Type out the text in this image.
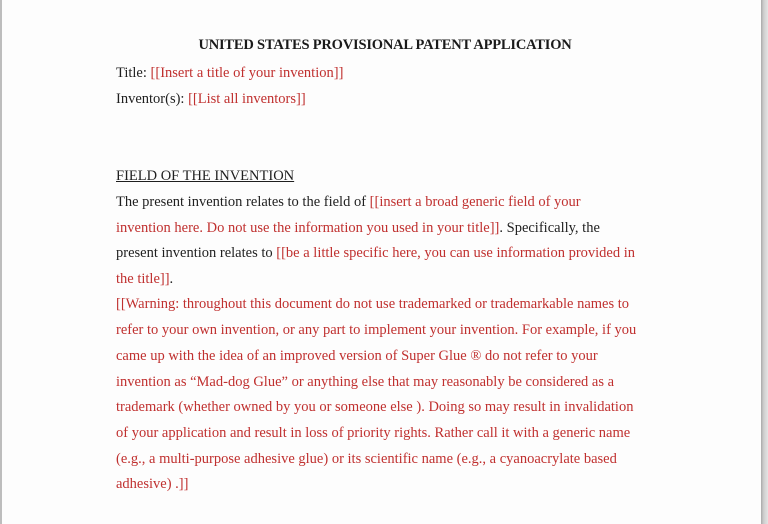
UNITED STATES PROVISIONAL PATENT APPLICATION
Title: [[Insert a title of your invention]]
Inventor(s): [[List all inventors]]
FIELD OF THE INVENTION
The present invention relates to the field of [[insert a broad generic field of your
invention here. Do not use the information you used in your title]]. Specifically, the
present invention relates to [[be a little specific here, you can use information provided in
the title]].
[[Warning: throughout this document do not use trademarked or trademarkable names to
refer to your own invention, or any part to implement your invention. For example, if you
came up with the idea of an improved version of Super Glue ® do not refer to your
invention as “Mad-dog Glue” or anything else that may reasonably be considered as a
trademark (whether owned by you or someone else ). Doing so may result in invalidation
of your application and result in loss of priority rights. Rather call it with a generic name
(e.g., a multi-purpose adhesive glue) or its scientific name (e.g., a cyanoacrylate based
adhesive) .]]
